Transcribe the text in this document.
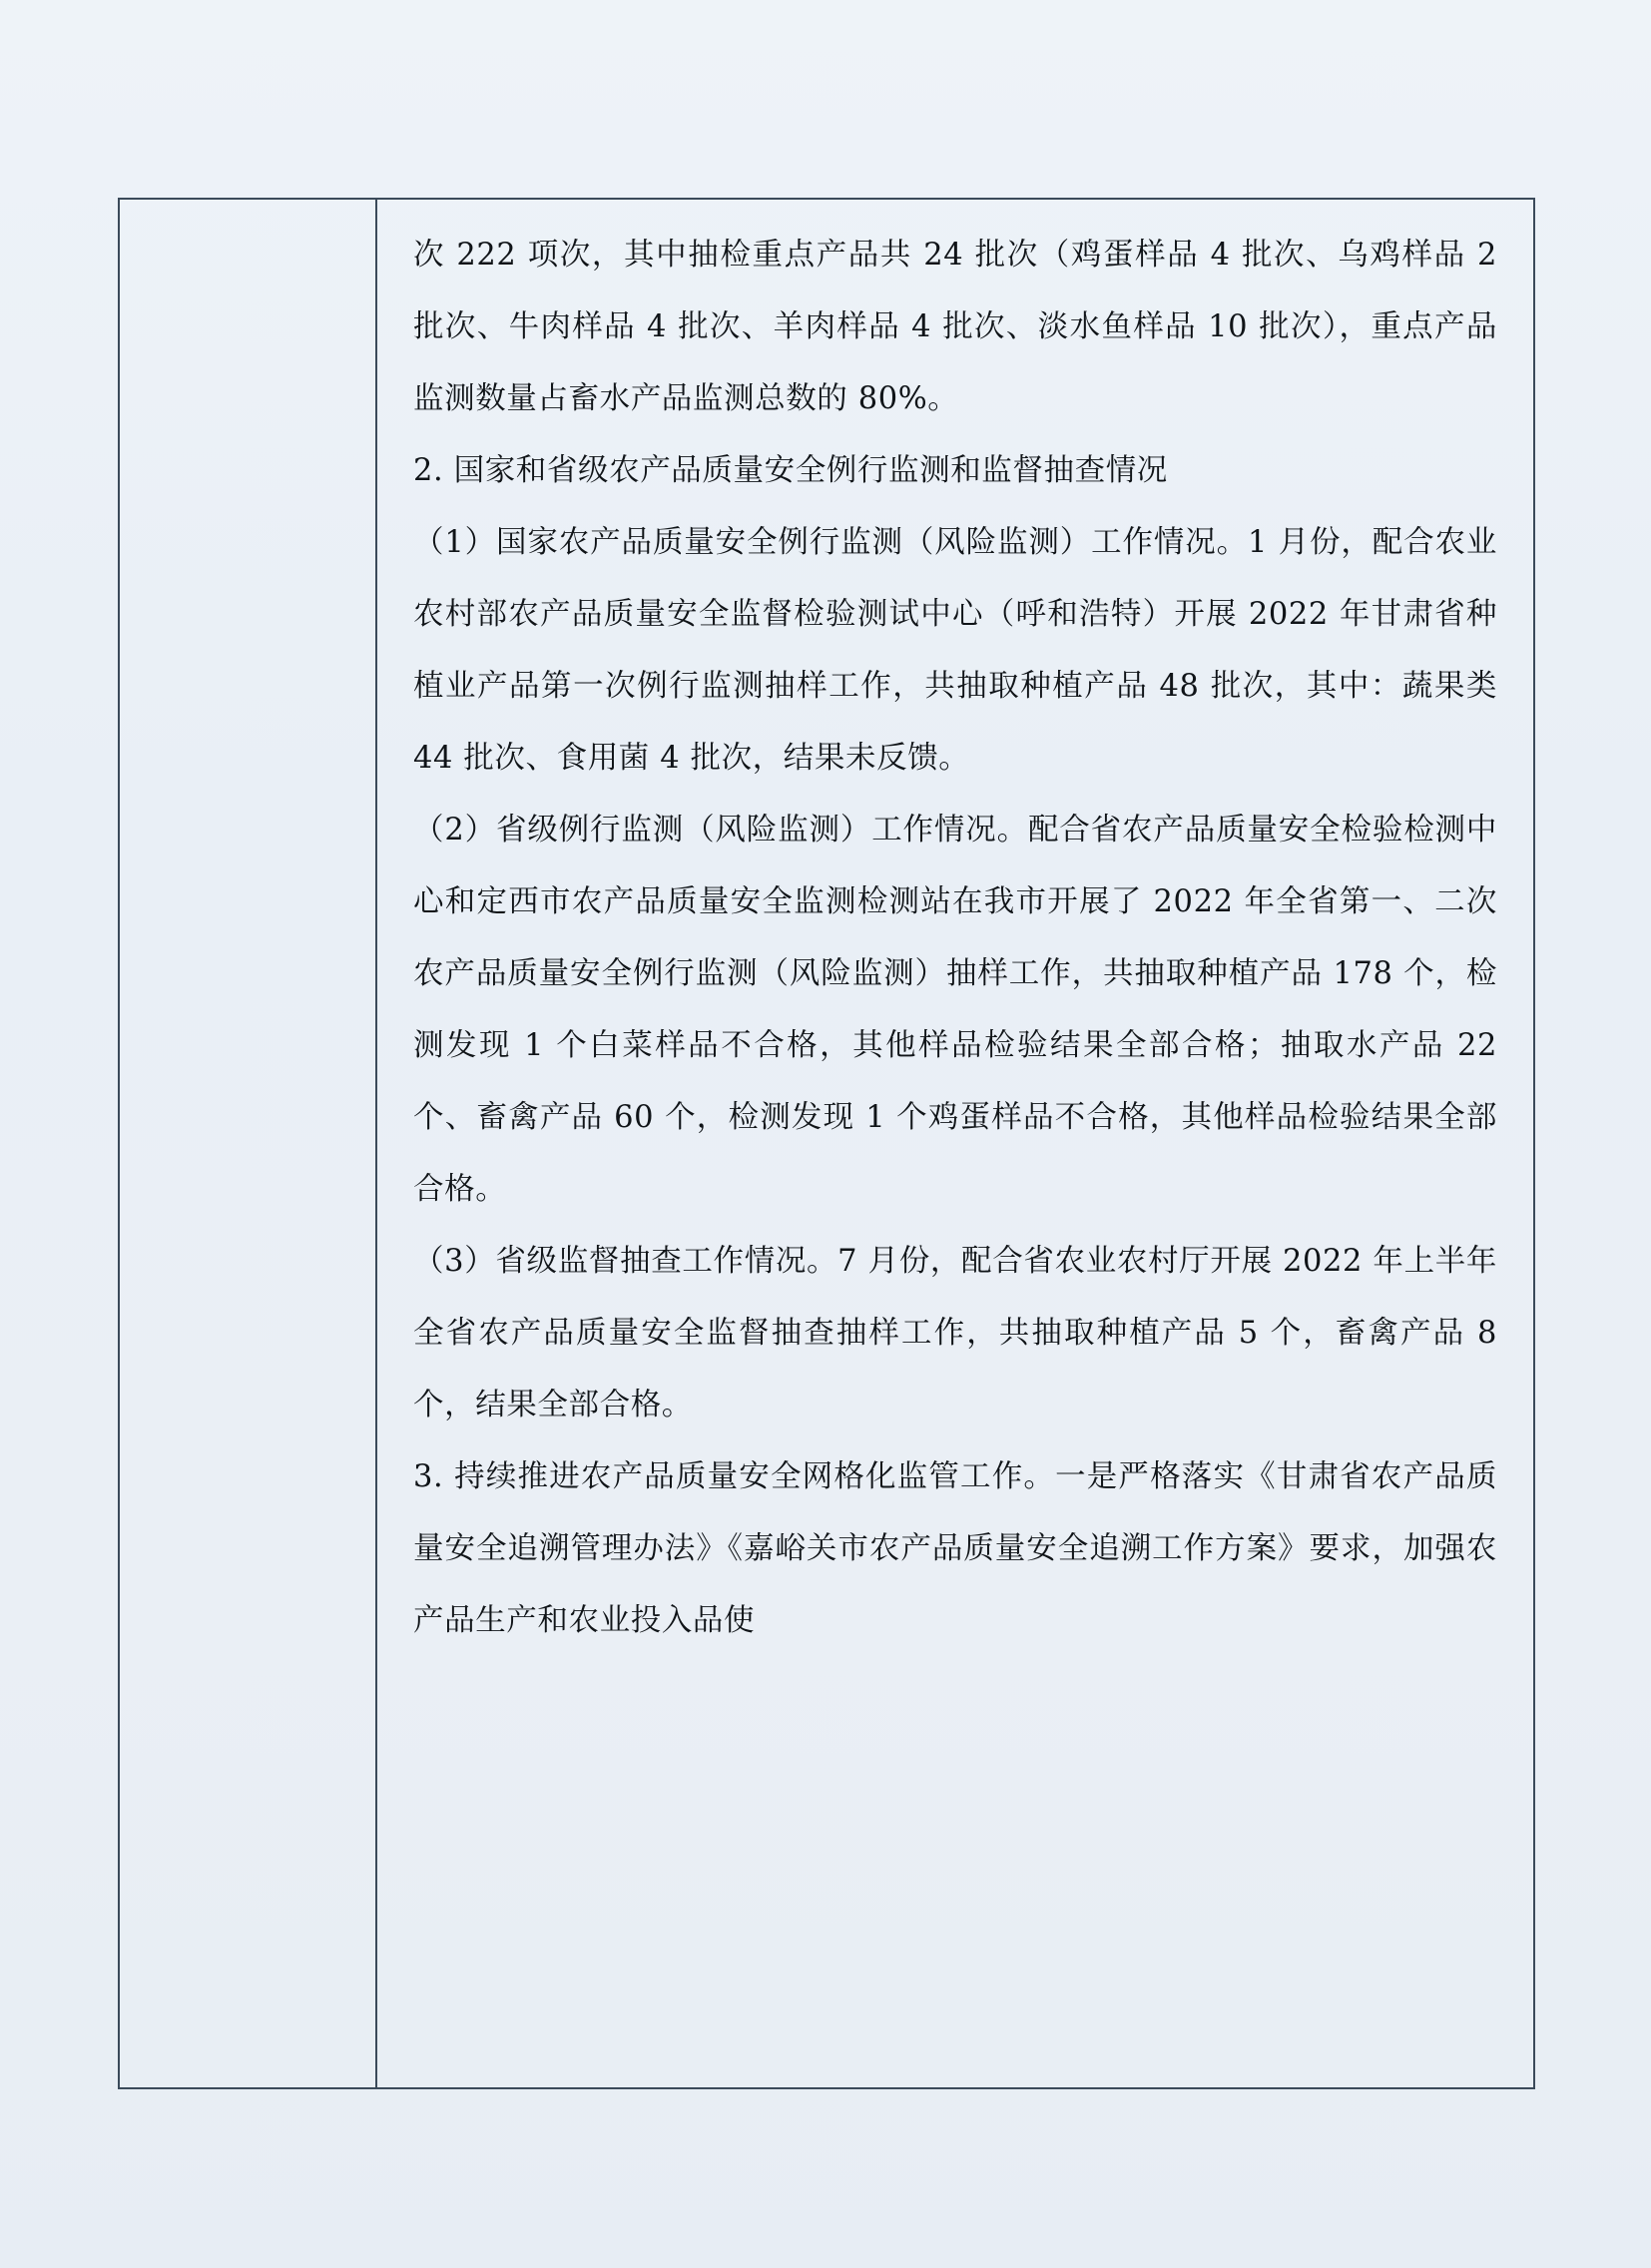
次 222 项次，其中抽检重点产品共 24 批次（鸡蛋样品 4 批次、乌鸡样品 2 批次、牛肉样品 4 批次、羊肉样品 4 批次、淡水鱼样品 10 批次），重点产品监测数量占畜水产品监测总数的 80%。

2. 国家和省级农产品质量安全例行监测和监督抽查情况

（1）国家农产品质量安全例行监测（风险监测）工作情况。1 月份，配合农业农村部农产品质量安全监督检验测试中心（呼和浩特）开展 2022 年甘肃省种植业产品第一次例行监测抽样工作，共抽取种植产品 48 批次，其中：蔬果类 44 批次、食用菌 4 批次，结果未反馈。

（2）省级例行监测（风险监测）工作情况。配合省农产品质量安全检验检测中心和定西市农产品质量安全监测检测站在我市开展了 2022 年全省第一、二次农产品质量安全例行监测（风险监测）抽样工作，共抽取种植产品 178 个，检测发现 1 个白菜样品不合格，其他样品检验结果全部合格；抽取水产品 22 个、畜禽产品 60 个，检测发现 1 个鸡蛋样品不合格，其他样品检验结果全部合格。

（3）省级监督抽查工作情况。7 月份，配合省农业农村厅开展 2022 年上半年全省农产品质量安全监督抽查抽样工作，共抽取种植产品 5 个，畜禽产品 8 个，结果全部合格。

3. 持续推进农产品质量安全网格化监管工作。一是严格落实《甘肃省农产品质量安全追溯管理办法》《嘉峪关市农产品质量安全追溯工作方案》要求，加强农产品生产和农业投入品使
